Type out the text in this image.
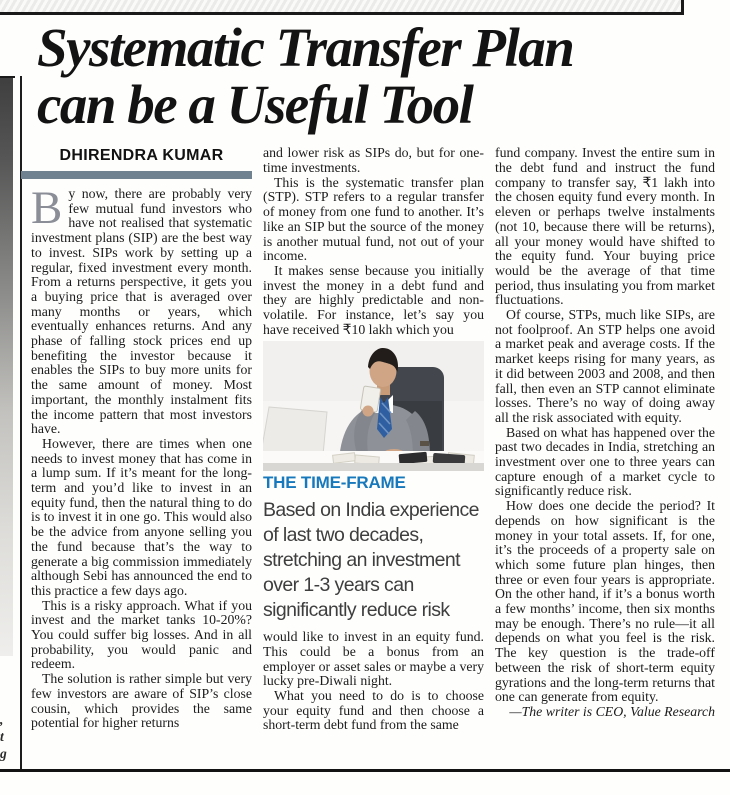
,
t
g
Systematic Transfer Plan
can be a Useful Tool
DHIRENDRA KUMAR

By now, there are probably very few mutual fund investors who have not realised that systematic investment plans (SIP) are the best way to invest. SIPs work by setting up a regular, fixed investment every month. From a returns perspective, it gets you a buying price that is averaged over many months or years, which eventually enhances returns. And any phase of falling stock prices end up benefiting the investor because it enables the SIPs to buy more units for the same amount of money. Most important, the monthly instalment fits the income pattern that most investors have.

However, there are times when one needs to invest money that has come in a lump sum. If it’s meant for the long-term and you’d like to invest in an equity fund, then the natural thing to do is to invest it in one go. This would also be the advice from anyone selling you the fund because that’s the way to generate a big commission immediately although Sebi has announced the end to this practice a few days ago.

This is a risky approach. What if you invest and the market tanks 10-20%? You could suffer big losses. And in all probability, you would panic and redeem.

The solution is rather simple but very few investors are aware of SIP’s close cousin, which provides the same potential for higher returns

and lower risk as SIPs do, but for one-time investments.

This is the systematic transfer plan (STP). STP refers to a regular transfer of money from one fund to another. It’s like an SIP but the source of the money is another mutual fund, not out of your income.

It makes sense because you initially invest the money in a debt fund and they are highly predictable and non-volatile. For instance, let’s say you have received ₹10 lakh which you

THE TIME-FRAME
Based on India experience of last two decades, stretching an investment over 1-3 years can significantly reduce risk

would like to invest in an equity fund. This could be a bonus from an employer or asset sales or maybe a very lucky pre-Diwali night.

What you need to do is to choose your equity fund and then choose a short-term debt fund from the same

fund company. Invest the entire sum in the debt fund and instruct the fund company to transfer say, ₹1 lakh into the chosen equity fund every month. In eleven or perhaps twelve instalments (not 10, because there will be returns), all your money would have shifted to the equity fund. Your buying price would be the average of that time period, thus insulating you from market fluctuations.

Of course, STPs, much like SIPs, are not foolproof. An STP helps one avoid a market peak and average costs. If the market keeps rising for many years, as it did between 2003 and 2008, and then fall, then even an STP cannot eliminate losses. There’s no way of doing away all the risk associated with equity.

Based on what has happened over the past two decades in India, stretching an investment over one to three years can capture enough of a market cycle to significantly reduce risk.

How does one decide the period? It depends on how significant is the money in your total assets. If, for one, it’s the proceeds of a property sale on which some future plan hinges, then three or even four years is appropriate. On the other hand, if it’s a bonus worth a few months’ income, then six months may be enough. There’s no rule—it all depends on what you feel is the risk. The key question is the trade-off between the risk of short-term equity gyrations and the long-term returns that one can generate from equity.

—The writer is CEO, Value Research
